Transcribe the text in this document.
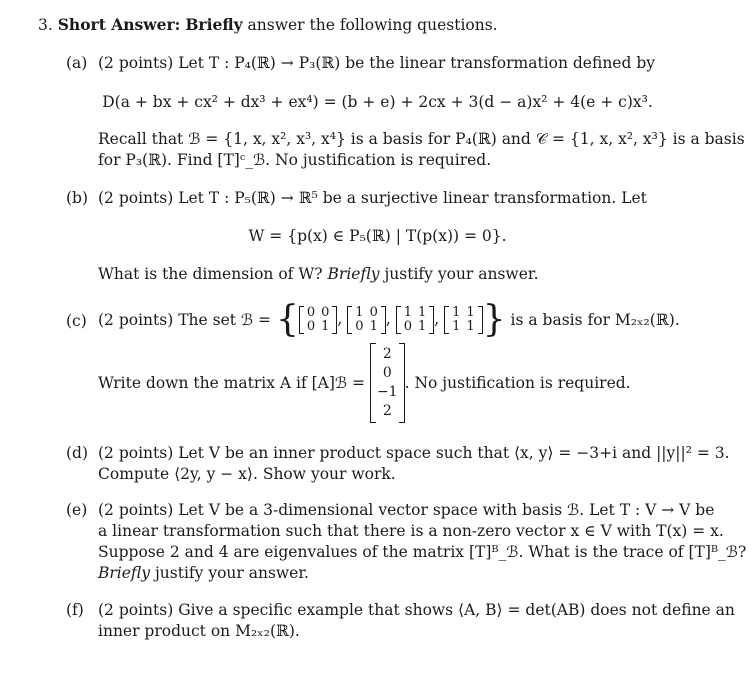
3. Short Answer: Briefly answer the following questions.
(a) (2 points) Let T : P₄(ℝ) → P₃(ℝ) be the linear transformation defined by
D(a + bx + cx² + dx³ + ex⁴) = (b + e) + 2cx + 3(d − a)x² + 4(e + c)x³.
Recall that ℬ = {1, x, x², x³, x⁴} is a basis for P₄(ℝ) and 𝒞 = {1, x, x², x³} is a basis
for P₃(ℝ). Find [T]ᶜ_ℬ. No justification is required.
(b) (2 points) Let T : P₅(ℝ) → ℝ⁵ be a surjective linear transformation. Let
W = {p(x) ∈ P₅(ℝ) | T(p(x)) = 0}.
What is the dimension of W? Briefly justify your answer.
(c) (2 points)
The set ℬ =
{ 0	0
0	1 , 1	0
0	1 , 1	1
0	1 , 1	1
1	1 }
is a basis for M₂ₓ₂(ℝ).
Write down the matrix A if [A]ℬ =

2
0
−1
2
. No justification is required.
(d) (2 points) Let V be an inner product space such that ⟨x, y⟩ = −3+i and ||y||² = 3.
Compute ⟨2y, y − x⟩. Show your work.
(e) (2 points) Let V be a 3-dimensional vector space with basis ℬ. Let T : V → V be
a linear transformation such that there is a non-zero vector x ∈ V with T(x) = x.
Suppose 2 and 4 are eigenvalues of the matrix [T]ᴮ_ℬ. What is the trace of [T]ᴮ_ℬ?
Briefly justify your answer.
(f) (2 points) Give a specific example that shows ⟨A, B⟩ = det(AB) does not define an
inner product on M₂ₓ₂(ℝ).
